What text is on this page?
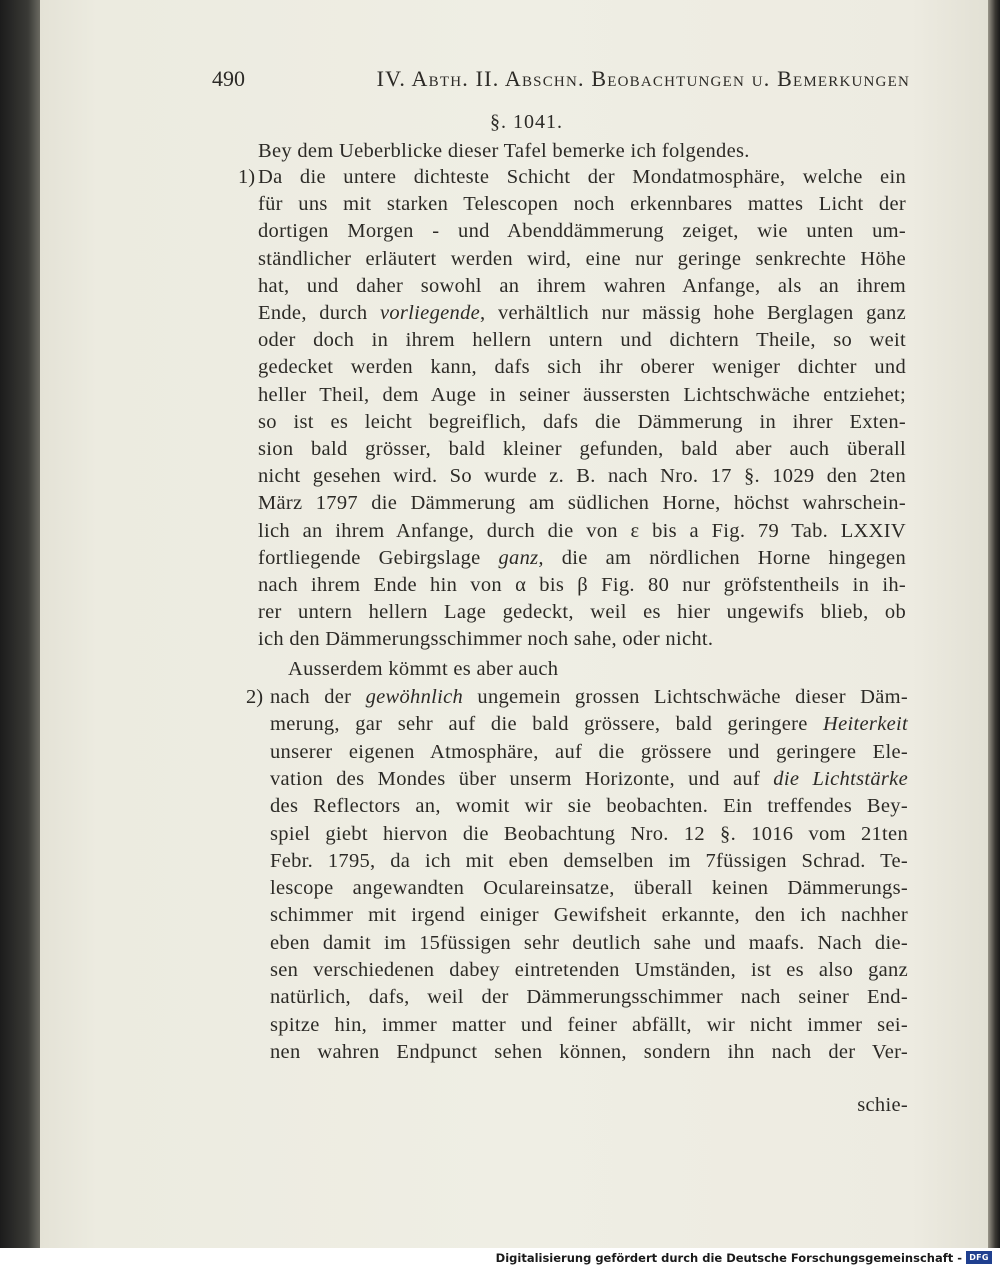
490	IV. Abth. II. Abschn. Beobachtungen u. Bemerkungen
§. 1041.
Bey dem Ueberblicke dieser Tafel bemerke ich folgendes.
1) Da die untere dichteste Schicht der Mondatmosphäre, welche ein
für uns mit starken Telescopen noch erkennbares mattes Licht der
dortigen Morgen - und Abenddämmerung zeiget, wie unten um-
ständlicher erläutert werden wird, eine nur geringe senkrechte Höhe
hat, und daher sowohl an ihrem wahren Anfange, als an ihrem
Ende, durch vorliegende, verhältlich nur mässig hohe Berglagen ganz
oder doch in ihrem hellern untern und dichtern Theile, so weit
gedecket werden kann, dafs sich ihr oberer weniger dichter und
heller Theil, dem Auge in seiner äussersten Lichtschwäche entziehet;
so ist es leicht begreiflich, dafs die Dämmerung in ihrer Exten-
sion bald grösser, bald kleiner gefunden, bald aber auch überall
nicht gesehen wird. So wurde z. B. nach Nro. 17 §. 1029 den 2ten
März 1797 die Dämmerung am südlichen Horne, höchst wahrschein-
lich an ihrem Anfange, durch die von ε bis a Fig. 79 Tab. LXXIV
fortliegende Gebirgslage ganz, die am nördlichen Horne hingegen
nach ihrem Ende hin von α bis β Fig. 80 nur gröfstentheils in ih-
rer untern hellern Lage gedeckt, weil es hier ungewifs blieb, ob
ich den Dämmerungsschimmer noch sahe, oder nicht.
Ausserdem kömmt es aber auch
2) nach der gewöhnlich ungemein grossen Lichtschwäche dieser Däm-
merung, gar sehr auf die bald grössere, bald geringere Heiterkeit
unserer eigenen Atmosphäre, auf die grössere und geringere Ele-
vation des Mondes über unserm Horizonte, und auf die Lichtstärke
des Reflectors an, womit wir sie beobachten. Ein treffendes Bey-
spiel giebt hiervon die Beobachtung Nro. 12 §. 1016 vom 21ten
Febr. 1795, da ich mit eben demselben im 7füssigen Schrad. Te-
lescope angewandten Oculareinsatze, überall keinen Dämmerungs-
schimmer mit irgend einiger Gewifsheit erkannte, den ich nachher
eben damit im 15füssigen sehr deutlich sahe und maafs. Nach die-
sen verschiedenen dabey eintretenden Umständen, ist es also ganz
natürlich, dafs, weil der Dämmerungsschimmer nach seiner End-
spitze hin, immer matter und feiner abfällt, wir nicht immer sei-
nen wahren Endpunct sehen können, sondern ihn nach der Ver-
schie-
Digitalisierung gefördert durch die Deutsche Forschungsgemeinschaft - DFG
